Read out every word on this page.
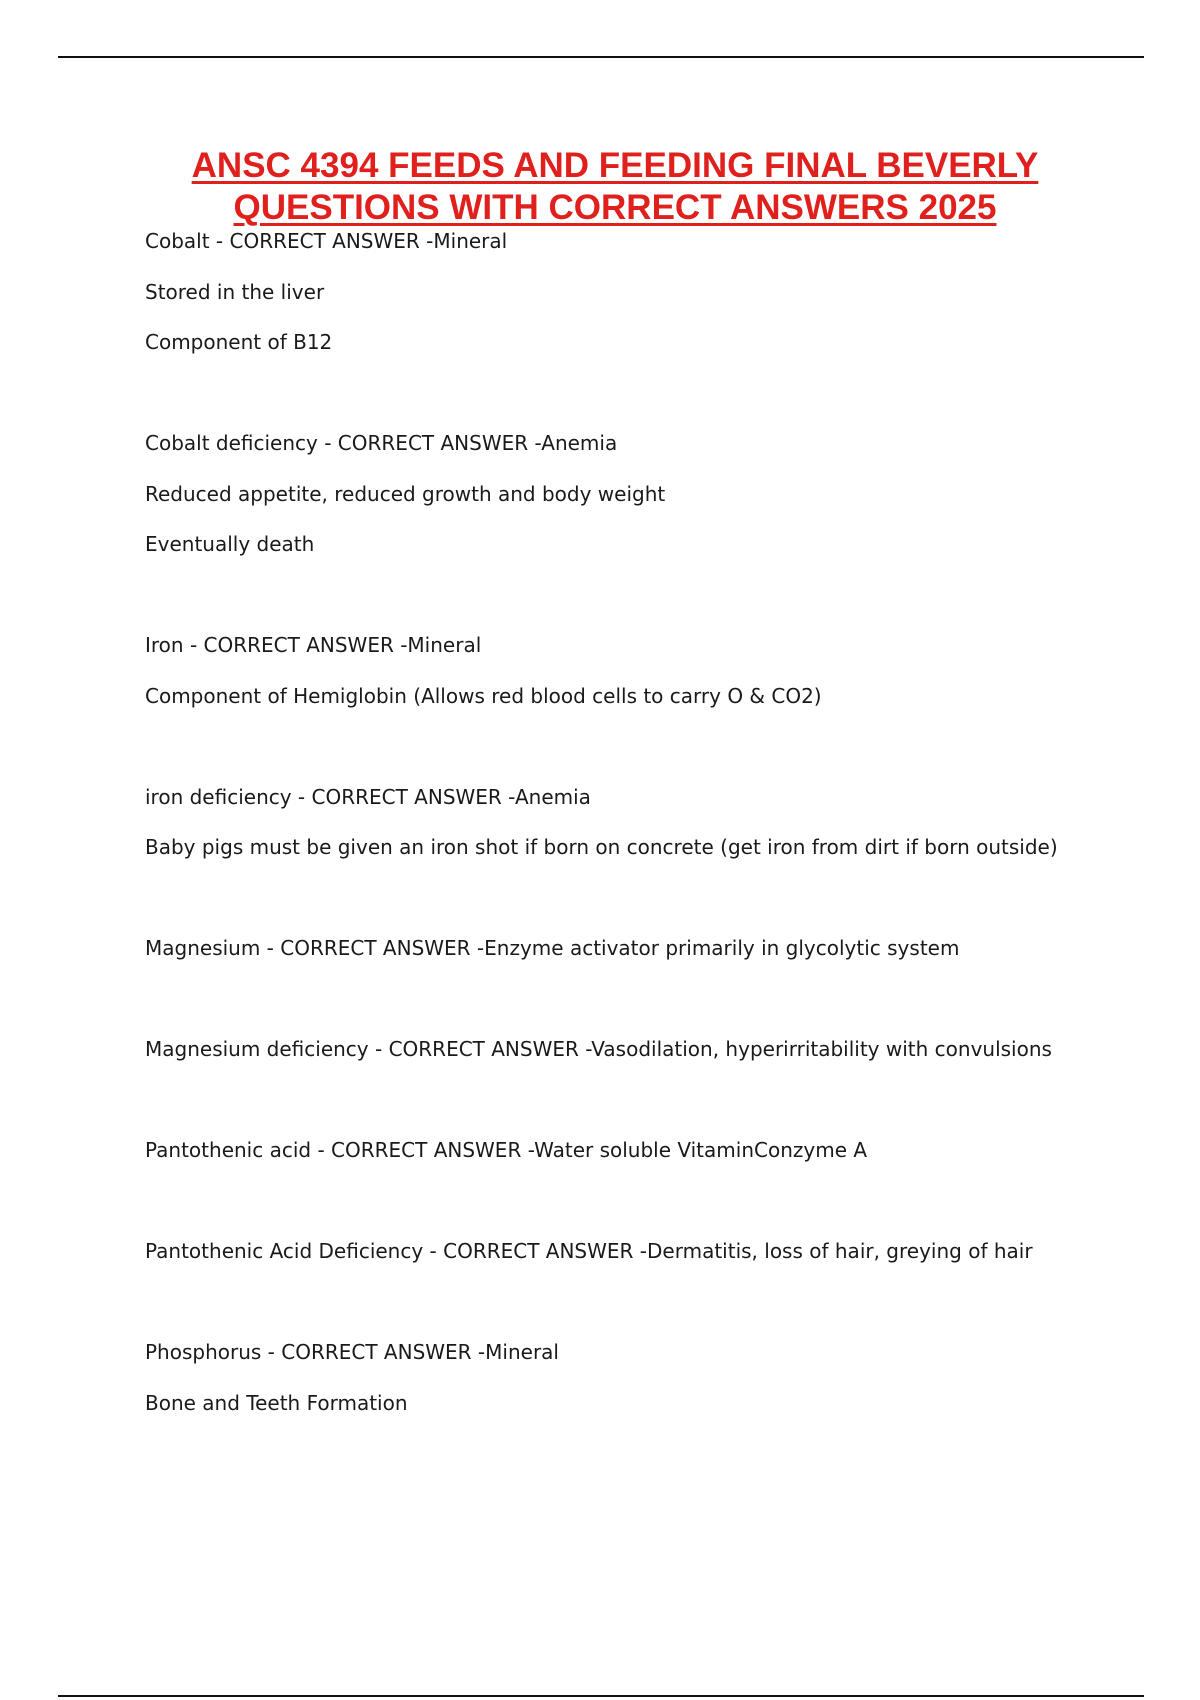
ANSC 4394 FEEDS AND FEEDING FINAL BEVERLY QUESTIONS WITH CORRECT ANSWERS 2025
Cobalt - CORRECT ANSWER -Mineral
Stored in the liver
Component of B12
Cobalt deficiency - CORRECT ANSWER -Anemia
Reduced appetite, reduced growth and body weight
Eventually death
Iron - CORRECT ANSWER -Mineral
Component of Hemiglobin (Allows red blood cells to carry O & CO2)
iron deficiency - CORRECT ANSWER -Anemia
Baby pigs must be given an iron shot if born on concrete (get iron from dirt if born outside)
Magnesium - CORRECT ANSWER -Enzyme activator primarily in glycolytic system
Magnesium deficiency - CORRECT ANSWER -Vasodilation, hyperirritability with convulsions
Pantothenic acid - CORRECT ANSWER -Water soluble VitaminConzyme A
Pantothenic Acid Deficiency - CORRECT ANSWER -Dermatitis, loss of hair, greying of hair
Phosphorus - CORRECT ANSWER -Mineral
Bone and Teeth Formation
